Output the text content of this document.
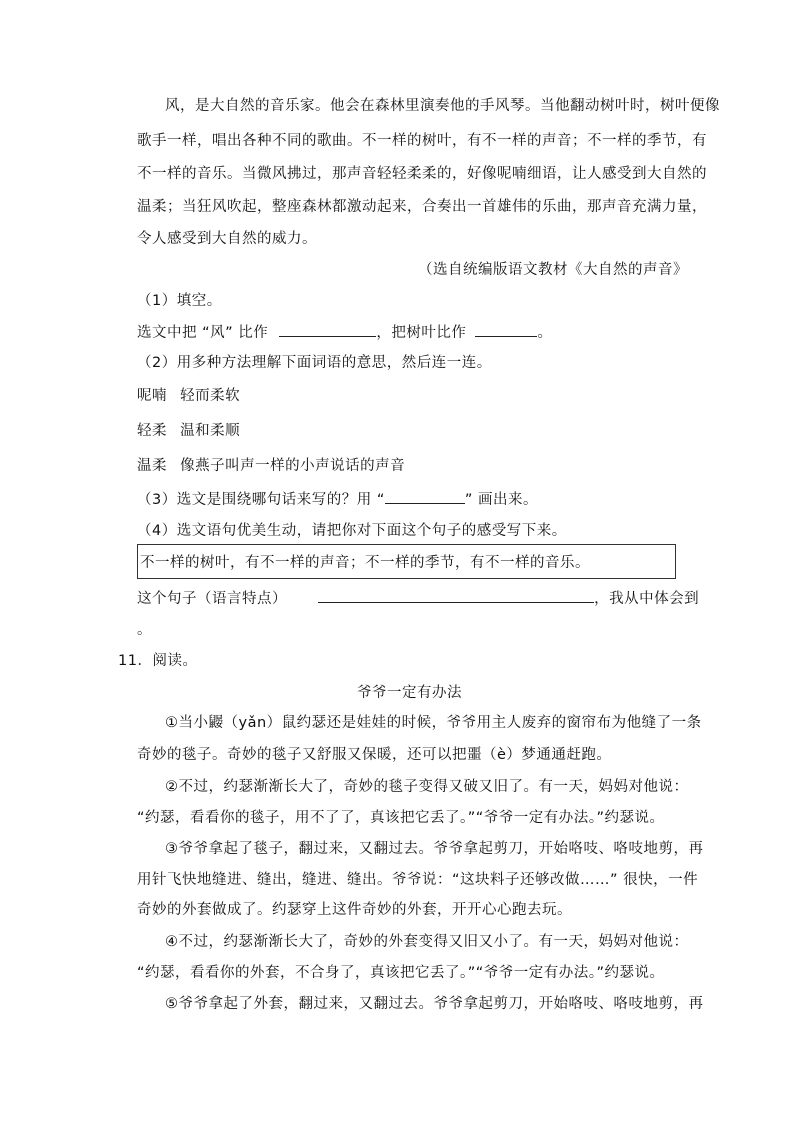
风，是大自然的音乐家。他会在森林里演奏他的手风琴。当他翻动树叶时，树叶便像
歌手一样，唱出各种不同的歌曲。不一样的树叶，有不一样的声音；不一样的季节，有
不一样的音乐。当微风拂过，那声音轻轻柔柔的，好像呢喃细语，让人感受到大自然的
温柔；当狂风吹起，整座森林都激动起来，合奏出一首雄伟的乐曲，那声音充满力量，
令人感受到大自然的威力。
（选自统编版语文教材《大自然的声音》
（1）填空。
选文中把 “风” 比作	，把树叶比作	。
（2）用多种方法理解下面词语的意思，然后连一连。
呢喃 轻而柔软
轻柔 温和柔顺
温柔 像燕子叫声一样的小声说话的声音
（3）选文是围绕哪句话来写的？用 “	” 画出来。
（4）选文语句优美生动，请把你对下面这个句子的感受写下来。
不一样的树叶，有不一样的声音；不一样的季节，有不一样的音乐。
这个句子（语言特点）	，我从中体会到
。
11．阅读。
爷爷一定有办法
①当小鼹（yǎn）鼠约瑟还是娃娃的时候，爷爷用主人废弃的窗帘布为他缝了一条
奇妙的毯子。奇妙的毯子又舒服又保暖，还可以把噩（è）梦通通赶跑。
②不过，约瑟渐渐长大了，奇妙的毯子变得又破又旧了。有一天，妈妈对他说：
“约瑟，看看你的毯子，用不了了，真该把它丢了。”“爷爷一定有办法。”约瑟说。
③爷爷拿起了毯子，翻过来，又翻过去。爷爷拿起剪刀，开始咯吱、咯吱地剪，再
用针飞快地缝进、缝出，缝进、缝出。爷爷说：“这块料子还够改做……” 很快，一件
奇妙的外套做成了。约瑟穿上这件奇妙的外套，开开心心跑去玩。
④不过，约瑟渐渐长大了，奇妙的外套变得又旧又小了。有一天，妈妈对他说：
“约瑟，看看你的外套，不合身了，真该把它丢了。”“爷爷一定有办法。”约瑟说。
⑤爷爷拿起了外套，翻过来，又翻过去。爷爷拿起剪刀，开始咯吱、咯吱地剪，再
